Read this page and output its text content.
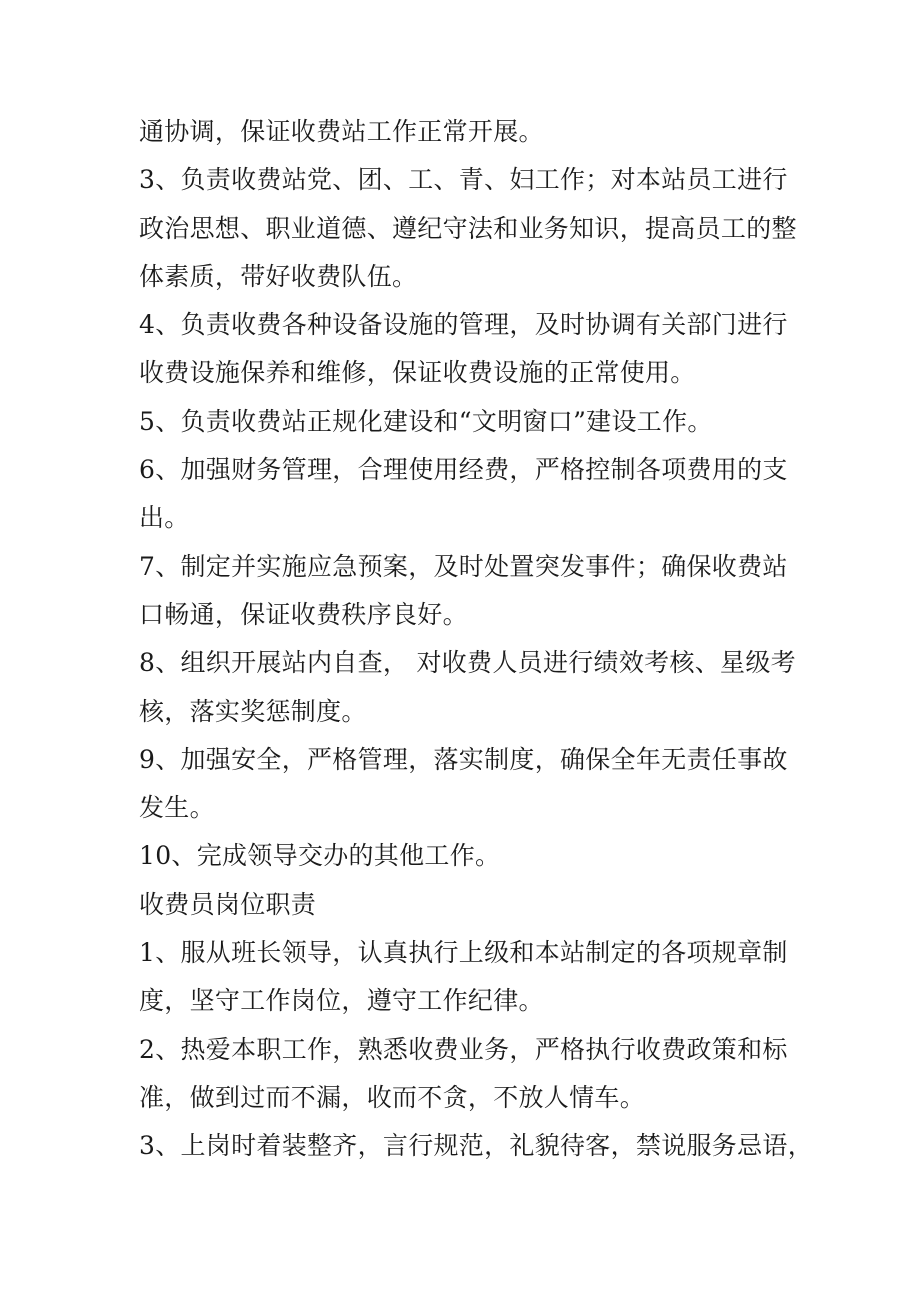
通协调，保证收费站工作正常开展。
3、负责收费站党、团、工、青、妇工作；对本站员工进行
政治思想、职业道德、遵纪守法和业务知识，提高员工的整
体素质，带好收费队伍。
4、负责收费各种设备设施的管理，及时协调有关部门进行
收费设施保养和维修，保证收费设施的正常使用。
5、负责收费站正规化建设和“文明窗口”建设工作。
6、加强财务管理，合理使用经费，严格控制各项费用的支
出。
7、制定并实施应急预案，及时处置突发事件；确保收费站
口畅通，保证收费秩序良好。
8、组织开展站内自查， 对收费人员进行绩效考核、星级考
核，落实奖惩制度。
9、加强安全，严格管理，落实制度，确保全年无责任事故
发生。
10、完成领导交办的其他工作。
收费员岗位职责
1、服从班长领导，认真执行上级和本站制定的各项规章制
度，坚守工作岗位，遵守工作纪律。
2、热爱本职工作，熟悉收费业务，严格执行收费政策和标
准，做到过而不漏，收而不贪，不放人情车。
3、上岗时着装整齐，言行规范，礼貌待客，禁说服务忌语，
